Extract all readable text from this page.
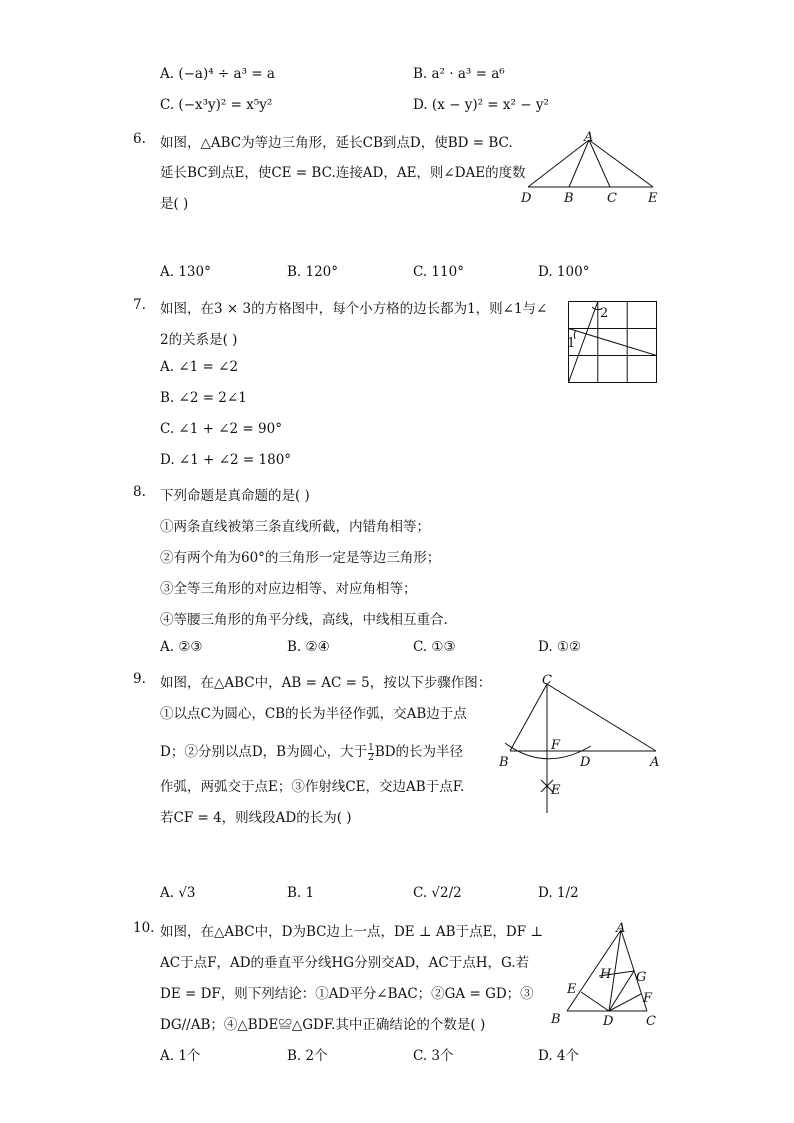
A. (−a)⁴ ÷ a³ = a	B. a² · a³ = a⁶
C. (−x³y)² = x⁵y²	D. (x − y)² = x² − y²
6. 如图，△ABC为等边三角形，延长CB到点D，使BD = BC.
延长BC到点E，使CE = BC.连接AD，AE，则∠DAE的度数
是( )
A
D	B	C E
A. 130°	B. 120°	C. 110°	D. 100°
7. 如图，在3 × 3的方格图中，每个小方格的边长都为1，则∠1与∠
2的关系是( )
A. ∠1 = ∠2
B. ∠2 = 2∠1
C. ∠1 + ∠2 = 90°
D. ∠1 + ∠2 = 180°
2
1
8. 下列命题是真命题的是( )
①两条直线被第三条直线所截，内错角相等；
②有两个角为60°的三角形一定是等边三角形；
③全等三角形的对应边相等、对应角相等；
④等腰三角形的角平分线，高线，中线相互重合．
A. ②③	B. ②④	C. ①③	D. ①②
9. 如图，在△ABC中，AB = AC = 5，按以下步骤作图：
①以点C为圆心，CB的长为半径作弧，交AB边于点
D；②分别以点D，B为圆心，大于 $\frac{1}{2}$ BD的长为半径
作弧，两弧交于点E；③作射线CE，交边AB于点F.
若CF = 4，则线段AD的长为( )
C
F
B	D	A
E
A. √3	B. 1	C. √2/2	D. 1/2
10. 如图，在△ABC中，D为BC边上一点，DE ⊥ AB于点E，DF ⊥
AC于点F，AD的垂直平分线HG分别交AD，AC于点H，G.若
DE = DF，则下列结论：①AD平分∠BAC；②GA = GD；③
DG//AB；④△BDE≌△GDF.其中正确结论的个数是( )
A. 1个	B. 2个	C. 3个	D. 4个
A
H G
E
F
B	D	C
